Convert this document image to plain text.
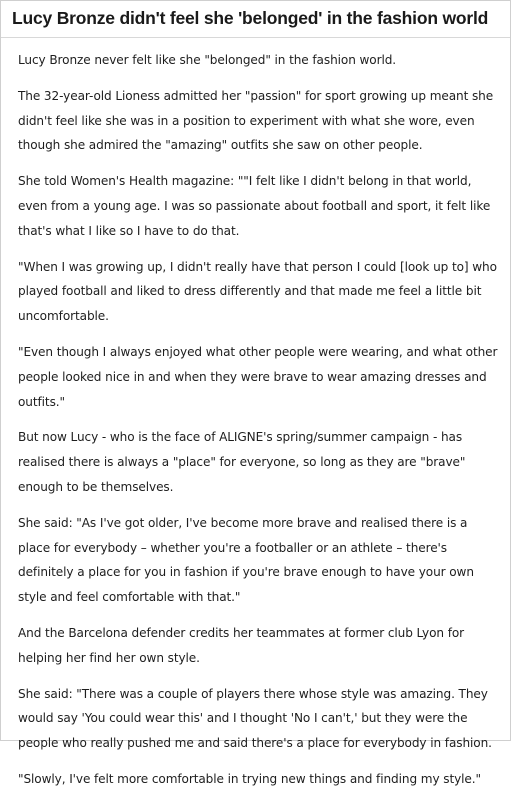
Lucy Bronze didn't feel she 'belonged' in the fashion world

Lucy Bronze never felt like she "belonged" in the fashion world.

The 32-year-old Lioness admitted her "passion" for sport growing up meant she didn't feel like she was in a position to experiment with what she wore, even though she admired the "amazing" outfits she saw on other people.

She told Women's Health magazine: ""I felt like I didn't belong in that world, even from a young age. I was so passionate about football and sport, it felt like that's what I like so I have to do that.

"When I was growing up, I didn't really have that person I could [look up to] who played football and liked to dress differently and that made me feel a little bit uncomfortable.

"Even though I always enjoyed what other people were wearing, and what other people looked nice in and when they were brave to wear amazing dresses and outfits."

But now Lucy - who is the face of ALIGNE's spring/summer campaign - has realised there is always a "place" for everyone, so long as they are "brave" enough to be themselves.

She said: "As I've got older, I've become more brave and realised there is a place for everybody – whether you're a footballer or an athlete – there's definitely a place for you in fashion if you're brave enough to have your own style and feel comfortable with that."

And the Barcelona defender credits her teammates at former club Lyon for helping her find her own style.

She said: "There was a couple of players there whose style was amazing. They would say 'You could wear this' and I thought 'No I can't,' but they were the people who really pushed me and said there's a place for everybody in fashion.

"Slowly, I've felt more comfortable in trying new things and finding my style."
